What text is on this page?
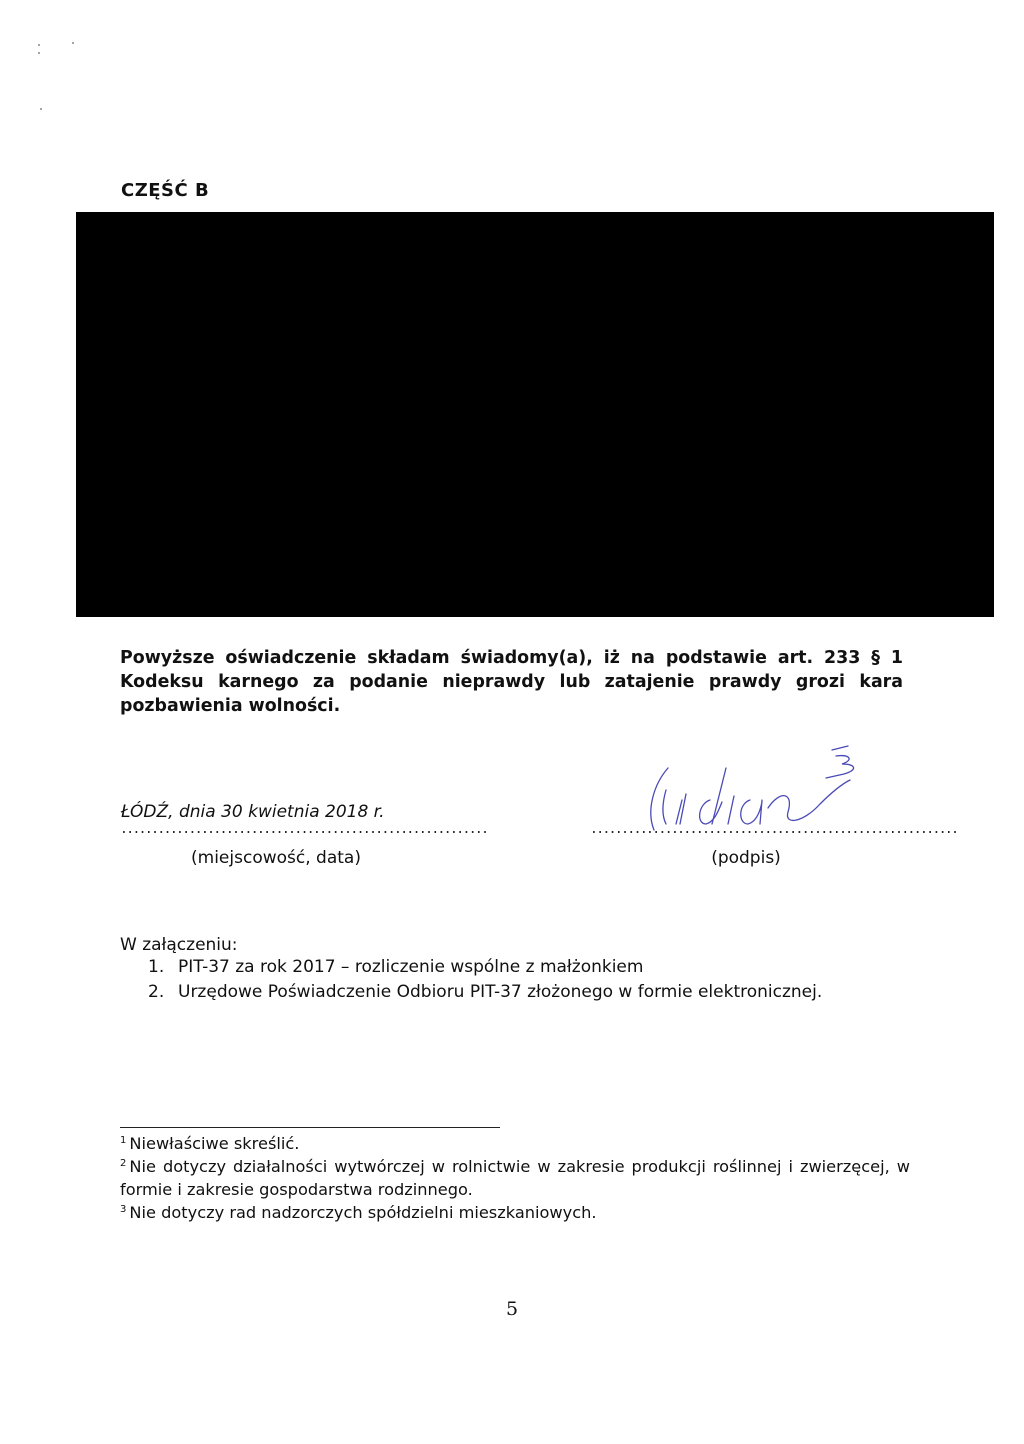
CZĘŚĆ B
Powyższe oświadczenie składam świadomy(a), iż na podstawie art. 233 § 1 Kodeksu karnego za podanie nieprawdy lub zatajenie prawdy grozi kara pozbawienia wolności.
ŁÓDŹ, dnia 30 kwietnia 2018 r.
...........................................................	...........................................................
(miejscowość, data)	(podpis)
W załączeniu:
1. PIT-37 za rok 2017 – rozliczenie wspólne z małżonkiem
2. Urzędowe Poświadczenie Odbioru PIT-37 złożonego w formie elektronicznej.
$^1$ Niewłaściwe skreślić.
$^2$ Nie dotyczy działalności wytwórczej w rolnictwie w zakresie produkcji roślinnej i zwierzęcej, w formie i zakresie gospodarstwa rodzinnego.
$^3$ Nie dotyczy rad nadzorczych spółdzielni mieszkaniowych.
5
